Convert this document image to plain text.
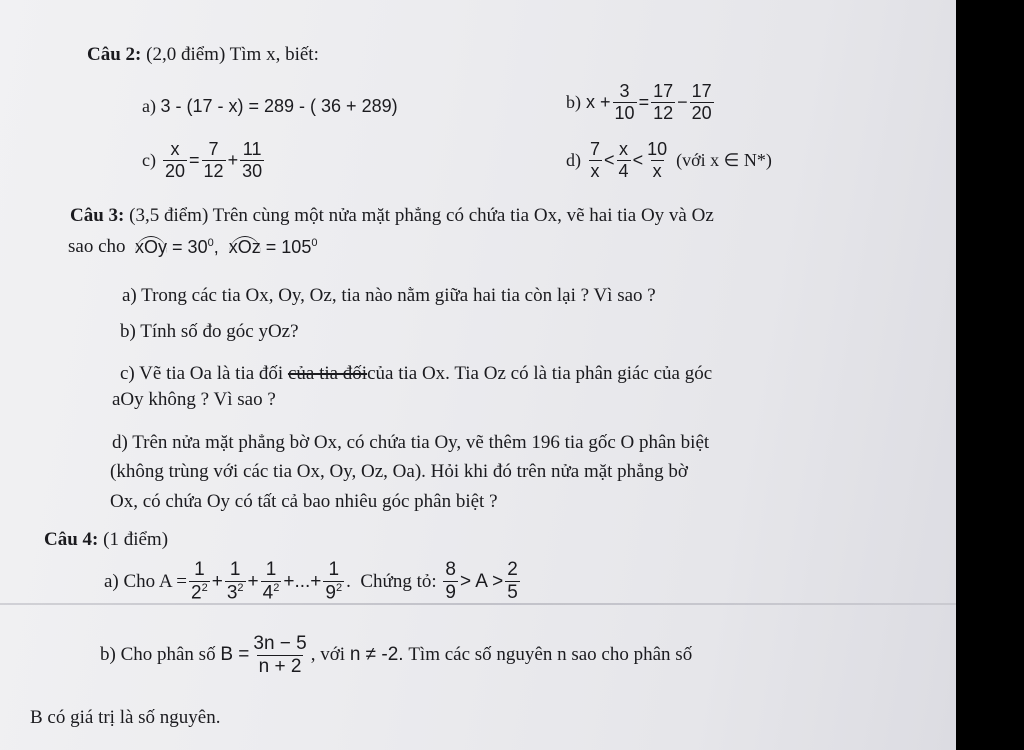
Câu 2: (2,0 điểm) Tìm x, biết:
a)
3 - (17 - x) = 289 - ( 36 + 289)	b)
$x + \frac{3}{10} = \frac{17}{12} - \frac{17}{20}$
c)
$\frac{x}{20} = \frac{7}{12} + \frac{11}{30}$	d)
$\frac{7}{x} < \frac{x}{4} < \frac{10}{x}$
(với x ∈ N*)
Câu 3: (3,5 điểm) Trên cùng một nửa mặt phẳng có chứa tia Ox, vẽ hai tia Oy và Oz
sao cho
xOy = $30^0$, xOz = $105^0$
a) Trong các tia Ox, Oy, Oz, tia nào nằm giữa hai tia còn lại ? Vì sao ?
b) Tính số đo góc yOz?
c) Vẽ tia Oa là tia đối của tia đốicủa tia Ox. Tia Oz có là tia phân giác của góc
aOy không ? Vì sao ?
d) Trên nửa mặt phẳng bờ Ox, có chứa tia Oy, vẽ thêm 196 tia gốc O phân biệt
(không trùng với các tia Ox, Oy, Oz, Oa). Hỏi khi đó trên nửa mặt phẳng bờ
Ox, có chứa Oy có tất cả bao nhiêu góc phân biệt ?
Câu 4: (1 điểm)
a) Cho $A = \frac{1}{2^2} + \frac{1}{3^2} + \frac{1}{4^2}$ +...+ $\frac{1}{9^2}$ .
Chứng tỏ:
$\frac{8}{9} > A > \frac{2}{5}$
b) Cho phân số
$B = \frac{3n - 5}{n + 2}$ , với
n ≠ -2.
Tìm các số nguyên n sao cho phân số
B có giá trị là số nguyên.
